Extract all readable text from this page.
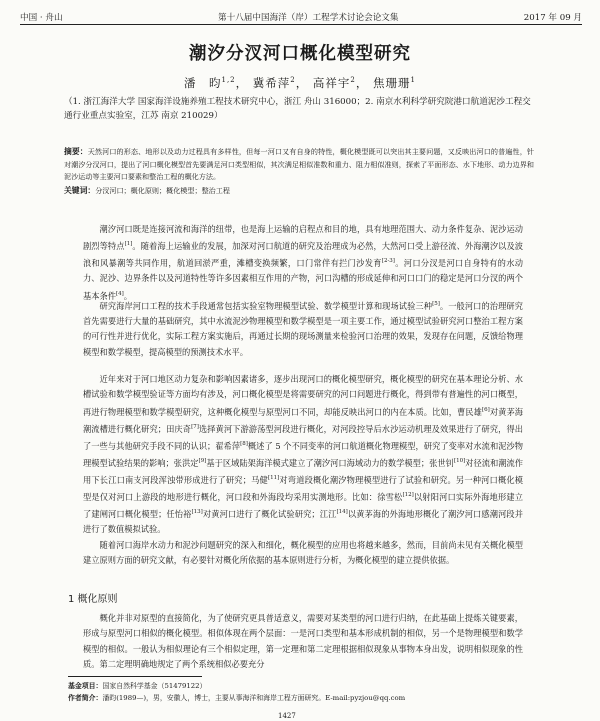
中国 · 舟山	第十八届中国海洋（岸）工程学术讨论会论文集	2017 年 09 月
潮汐分汊河口概化模型研究
潘　昀$^{1,2}$， 冀希萍$^2$， 高祥宇$^2$， 焦珊珊$^1$
（1. 浙江海洋大学 国家海洋设施养殖工程技术研究中心，浙江 舟山 316000；2. 南京水利科学研究院港口航道泥沙工程交通行业重点实验室，江苏 南京 210029）
摘要：天然河口的形态、地形以及动力过程具有多样性，但每一河口又有自身的特性，概化模型既可以突出其主要问题，又反映出河口的普遍性，针对潮汐分汊河口，提出了河口概化模型首先要满足河口类型相似，其次满足相似准数和重力、阻力相似准则，探索了平面形态、水下地形、动力边界和泥沙运动等主要河口要素和整治工程的概化方法。
关键词：分汊河口；概化原则；概化模型；整治工程

潮汐河口既是连接河流和海洋的纽带，也是海上运输的启程点和目的地，具有地理范围大、动力条件复杂、泥沙运动剧烈等特点[1]。随着海上运输业的发展，加深对河口航道的研究及治理成为必然，大然河口受上游径流、外海潮汐以及波浪和风暴潮等共同作用，航道回淤严重，滩槽变换频繁，口门常伴有拦门沙发育[2-3]。河口分汊是河口自身特有的水动力、泥沙、边界条件以及河道特性等许多因素相互作用的产物，河口沟槽的形成延伸和河口口门的稳定是河口分汊的两个基本条件[4]。

研究海岸河口工程的技术手段通常包括实验室物理模型试验、数学模型计算和现场试验三种[5]。一般河口的治理研究首先需要进行大量的基础研究，其中水流泥沙物理模型和数学模型是一项主要工作，通过模型试验研究河口整治工程方案的可行性并进行优化，实际工程方案实施后，再通过长期的现场测量来检验河口治理的效果，发现存在问题，反馈给物理模型和数学模型，提高模型的预测技术水平。

近年来对于河口地区动力复杂和影响因素诸多，逐步出现河口的概化模型研究，概化模型的研究在基本理论分析、水槽试验和数学模型验证等方面均有涉及，河口概化模型是将需要研究的河口问题进行概化，得到带有普遍性的河口概型，再进行物理模型和数学模型研究，这种概化模型与原型河口不同，却能反映出河口的内在本质。比如，曹民雄[6]对黄茅海潮流槽进行概化研究；田庆奇[7]选择黄河下游游荡型河段进行概化，对河段控导后水沙运动机理及效果进行了研究，得出了一些与其他研究手段不同的认识；翟希萍[8]概述了 5 个不同变率的河口航道概化物理模型，研究了变率对水流和泥沙物理模型试验结果的影响；张洪定[9]基于区域陆架海洋模式建立了潮汐河口海域动力的数学模型；张世钊[10]对径流和潮流作用下长江口南支河段浑浊带形成进行了研究；马健[11]对弯道段概化潮汐物理模型进行了试验和研究。另一种河口概化模型是仅对河口上游段的地形进行概化，河口段和外海段均采用实测地形。比如：徐雪松[12]以射阳河口实际外海地形建立了建闸河口概化模型；任怡裕[13]对黄河口进行了概化试验研究；江江[14]以黄茅海的外海地形概化了潮汐河口感潮河段并进行了数值模拟试验。

随着河口海岸水动力和泥沙问题研究的深入和细化，概化模型的应用也将越来越多，然而，目前尚未见有关概化模型建立原则方面的研究文献，有必要针对概化所依据的基本原则进行分析，为概化模型的建立提供依据。

1 概化原则

概化并非对原型的直接简化，为了使研究更具普适意义，需要对某类型的河口进行归纳，在此基础上提炼关键要素，形成与原型河口相似的概化模型。相似体现在两个层面：一是河口类型和基本形成机制的相似，另一个是物理模型和数学模型的相似。一般认为相似理论有三个相似定理，第一定理和第二定理根据相似现象从事物本身出发，说明相似现象的性质。第二定理明确地规定了两个系统相似必要充分

基金项目：国家自然科学基金（51479122）
作者简介：潘昀(1989—)，男，安徽人，博士，主要从事海洋和海岸工程方面研究。E-mail:pyzjou@qq.com
1427
